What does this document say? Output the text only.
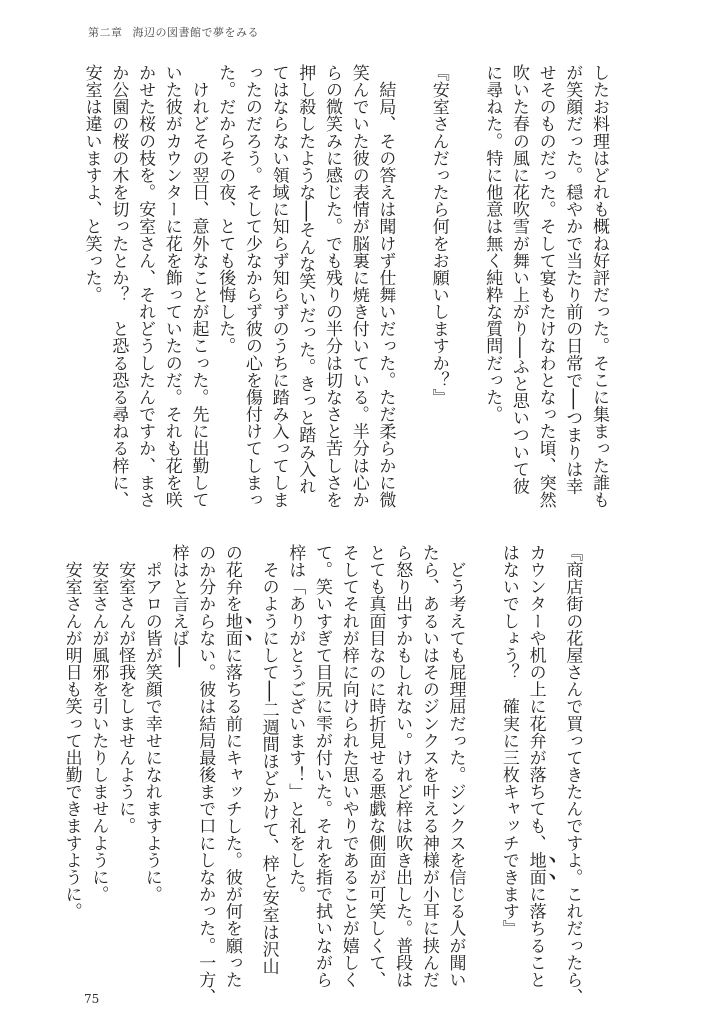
第二章 海辺の図書館で夢をみる
したお料理はどれも概ね好評だった。そこに集まった誰も
が笑顔だった。穏やかで当たり前の日常で──つまりは幸
せそのものだった。そして宴もたけなわとなった頃、突然
吹いた春の風に花吹雪が舞い上がり──ふと思いついて彼
に尋ねた。特に他意は無く純粋な質問だった。
『安室さんだったら何をお願いしますか？』
　結局、その答えは聞けず仕舞いだった。ただ柔らかに微
笑んでいた彼の表情が脳裏に焼き付いている。半分は心か
らの微笑みに感じた。でも残りの半分は切なさと苦しさを
押し殺したような──そんな笑いだった。きっと踏み入れ
てはならない領域に知らず知らずのうちに踏み入ってしま
ったのだろう。そして少なからず彼の心を傷付けてしまっ
た。だからその夜、とても後悔した。
　けれどその翌日、意外なことが起こった。先に出勤して
いた彼がカウンターに花を飾っていたのだ。それも花を咲
かせた桜の枝を。安室さん、それどうしたんですか、まさ
か公園の桜の木を切ったとか？　と恐る恐る尋ねる梓に、
安室は違いますよ、と笑った。
『商店街の花屋さんで買ってきたんですよ。これだったら、
カウンターや机の上に花弁が落ちても、地面に落ちること
はないでしょう？　確実に三枚キャッチできます』
　どう考えても屁理屈だった。ジンクスを信じる人が聞い
たら、あるいはそのジンクスを叶える神様が小耳に挟んだ
ら怒り出すかもしれない。けれど梓は吹き出した。普段は
とても真面目なのに時折見せる悪戯な側面が可笑しくて、
そしてそれが梓に向けられた思いやりであることが嬉しく
て。笑いすぎて目尻に雫が付いた。それを指で拭いながら
梓は「ありがとうございます！」と礼をした。
　そのようにして──二週間ほどかけて、梓と安室は沢山
の花弁を地面に落ちる前にキャッチした。彼が何を願った
のか分からない。彼は結局最後まで口にしなかった。一方、
梓はと言えば──
　ポアロの皆が笑顔で幸せになれますように。
　安室さんが怪我をしませんように。
　安室さんが風邪を引いたりしませんように。
　安室さんが明日も笑って出勤できますように。
75
